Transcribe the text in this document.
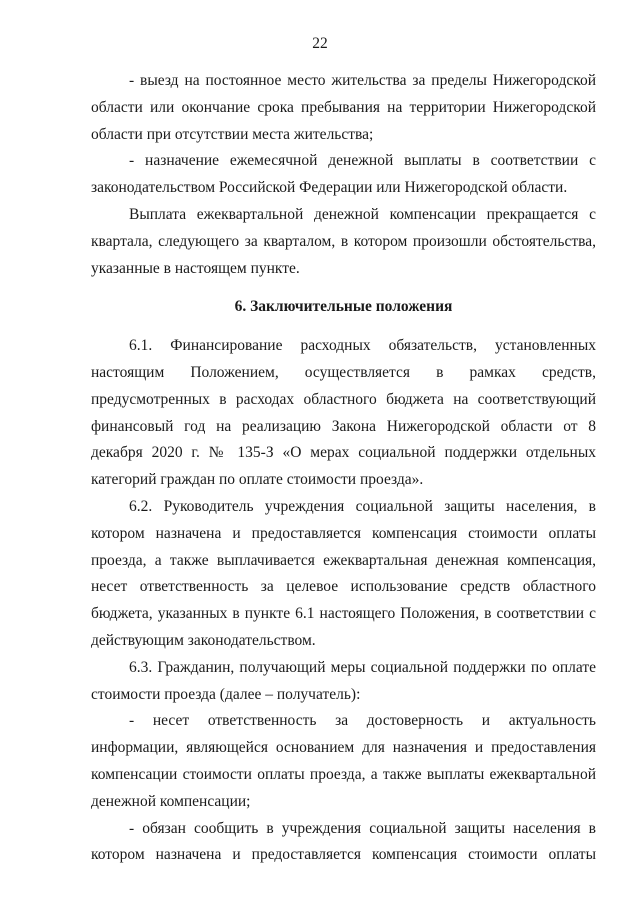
22

- выезд на постоянное место жительства за пределы Нижегородской области или окончание срока пребывания на территории Нижегородской области при отсутствии места жительства;

- назначение ежемесячной денежной выплаты в соответствии с законодательством Российской Федерации или Нижегородской области.

Выплата ежеквартальной денежной компенсации прекращается с квартала, следующего за кварталом, в котором произошли обстоятельства, указанные в настоящем пункте.

6. Заключительные положения

6.1. Финансирование расходных обязательств, установленных настоящим Положением, осуществляется в рамках средств, предусмотренных в расходах областного бюджета на соответствующий финансовый год на реализацию Закона Нижегородской области от 8 декабря 2020 г. № 135-З «О мерах социальной поддержки отдельных категорий граждан по оплате стоимости проезда».

6.2. Руководитель учреждения социальной защиты населения, в котором назначена и предоставляется компенсация стоимости оплаты проезда, а также выплачивается ежеквартальная денежная компенсация, несет ответственность за целевое использование средств областного бюджета, указанных в пункте 6.1 настоящего Положения, в соответствии с действующим законодательством.

6.3. Гражданин, получающий меры социальной поддержки по оплате стоимости проезда (далее – получатель):

- несет ответственность за достоверность и актуальность информации, являющейся основанием для назначения и предоставления компенсации стоимости оплаты проезда, а также выплаты ежеквартальной денежной компенсации;

- обязан сообщить в учреждения социальной защиты населения в котором назначена и предоставляется компенсация стоимости оплаты
